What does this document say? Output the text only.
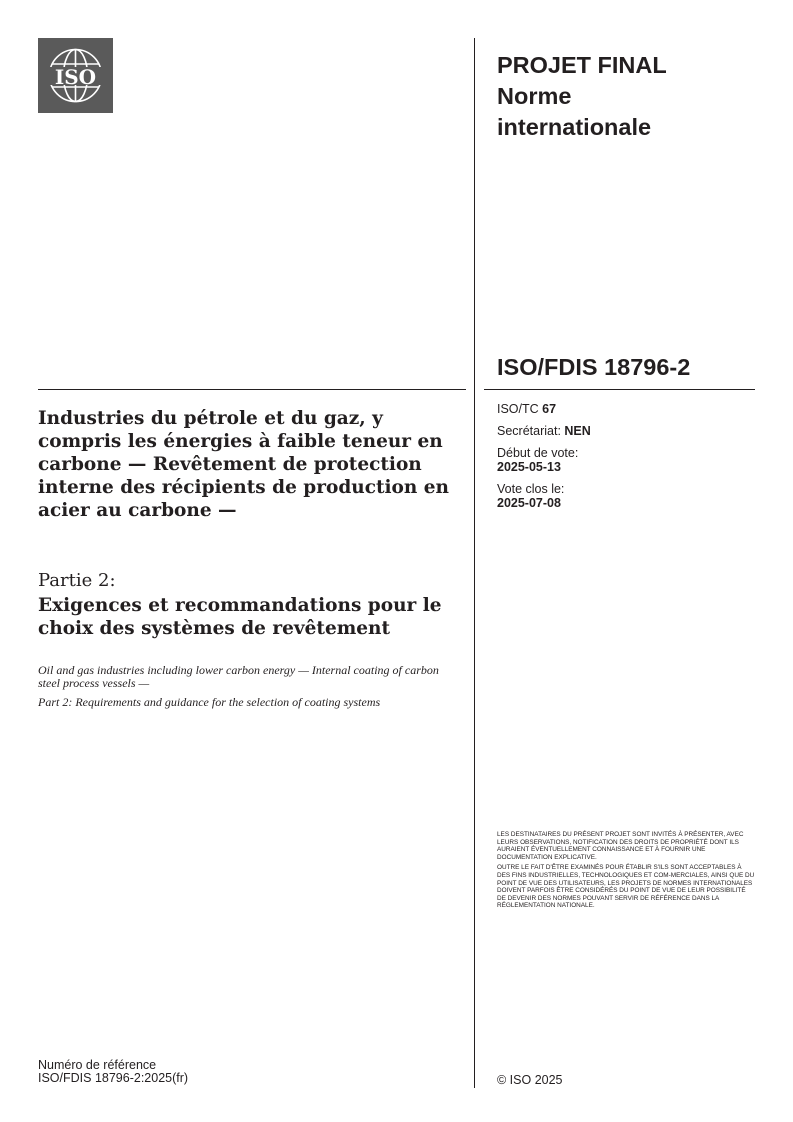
ISO	PROJET FINAL
Norme
internationale
ISO/FDIS 18796-2
ISO/TC 67
Secrétariat: NEN
Début de vote:
2025-05-13
Vote clos le:
2025-07-08
Industries du pétrole et du gaz, y compris les énergies à faible teneur en carbone — Revêtement de protection interne des récipients de production en acier au carbone —
Partie 2:
Exigences et recommandations pour le choix des systèmes de revêtement

Oil and gas industries including lower carbon energy — Internal coating of carbon steel process vessels —

Part 2: Requirements and guidance for the selection of coating systems

LES DESTINATAIRES DU PRÉSENT PROJET SONT INVITÉS À PRÉSENTER, AVEC LEURS OBSERVATIONS, NOTIFICATION DES DROITS DE PROPRIÉTÉ DONT ILS AURAIENT ÉVENTUELLEMENT CONNAISSANCE ET À FOURNIR UNE DOCUMENTATION EXPLICATIVE.

OUTRE LE FAIT D'ÊTRE EXAMINÉS POUR ÉTABLIR S'ILS SONT ACCEPTABLES À DES FINS INDUSTRIELLES, TECHNOLOGIQUES ET COM-MERCIALES, AINSI QUE DU POINT DE VUE DES UTILISATEURS, LES PROJETS DE NORMES INTERNATIONALES DOIVENT PARFOIS ÊTRE CONSIDÉRÉS DU POINT DE VUE DE LEUR POSSIBILITÉ DE DEVENIR DES NORMES POUVANT SERVIR DE RÉFÉRENCE DANS LA RÉGLEMENTATION NATIONALE.

Numéro de référence
ISO/FDIS 18796-2:2025(fr)	© ISO 2025
